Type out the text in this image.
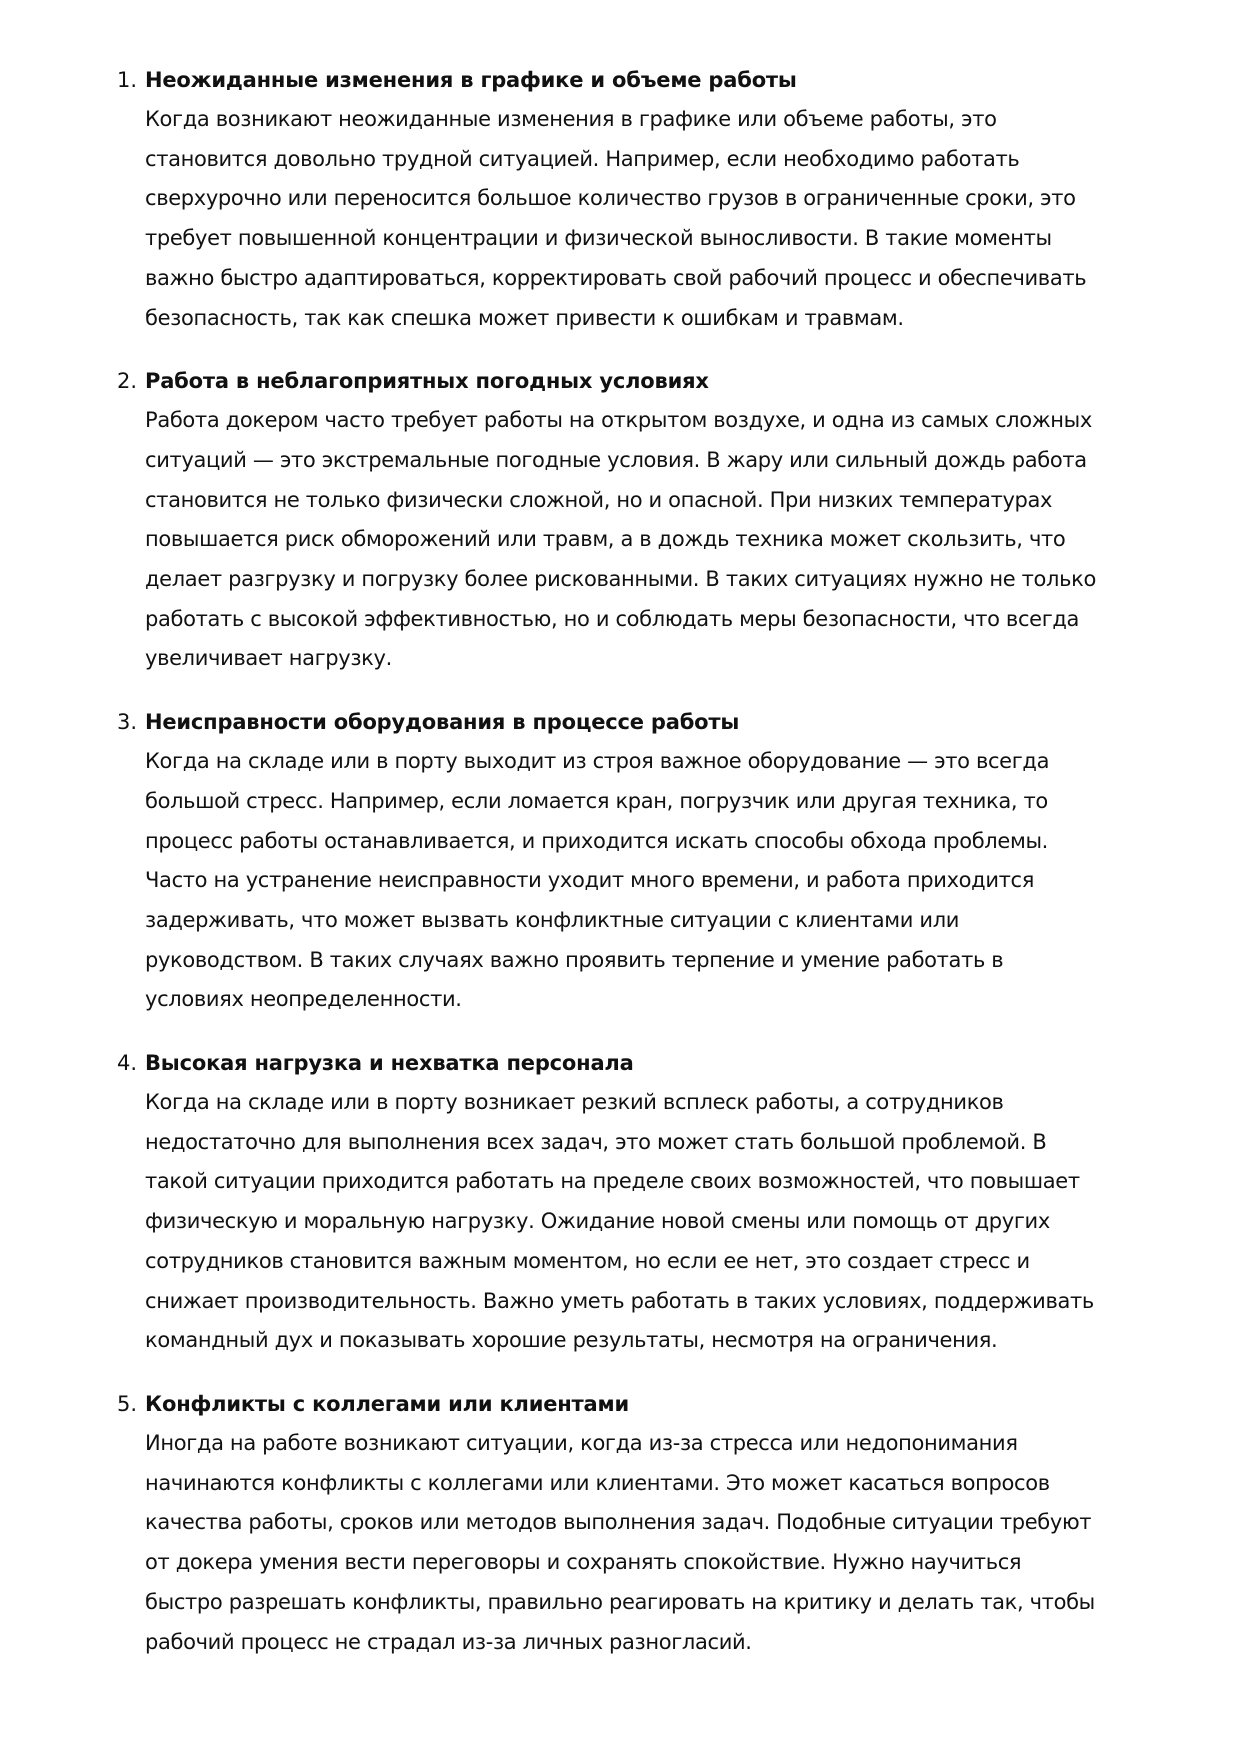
1. Неожиданные изменения в графике и объеме работы
Когда возникают неожиданные изменения в графике или объеме работы, это
становится довольно трудной ситуацией. Например, если необходимо работать
сверхурочно или переносится большое количество грузов в ограниченные сроки, это
требует повышенной концентрации и физической выносливости. В такие моменты
важно быстро адаптироваться, корректировать свой рабочий процесс и обеспечивать
безопасность, так как спешка может привести к ошибкам и травмам.
2. Работа в неблагоприятных погодных условиях
Работа докером часто требует работы на открытом воздухе, и одна из самых сложных
ситуаций — это экстремальные погодные условия. В жару или сильный дождь работа
становится не только физически сложной, но и опасной. При низких температурах
повышается риск обморожений или травм, а в дождь техника может скользить, что
делает разгрузку и погрузку более рискованными. В таких ситуациях нужно не только
работать с высокой эффективностью, но и соблюдать меры безопасности, что всегда
увеличивает нагрузку.
3. Неисправности оборудования в процессе работы
Когда на складе или в порту выходит из строя важное оборудование — это всегда
большой стресс. Например, если ломается кран, погрузчик или другая техника, то
процесс работы останавливается, и приходится искать способы обхода проблемы.
Часто на устранение неисправности уходит много времени, и работа приходится
задерживать, что может вызвать конфликтные ситуации с клиентами или
руководством. В таких случаях важно проявить терпение и умение работать в
условиях неопределенности.
4. Высокая нагрузка и нехватка персонала
Когда на складе или в порту возникает резкий всплеск работы, а сотрудников
недостаточно для выполнения всех задач, это может стать большой проблемой. В
такой ситуации приходится работать на пределе своих возможностей, что повышает
физическую и моральную нагрузку. Ожидание новой смены или помощь от других
сотрудников становится важным моментом, но если ее нет, это создает стресс и
снижает производительность. Важно уметь работать в таких условиях, поддерживать
командный дух и показывать хорошие результаты, несмотря на ограничения.
5. Конфликты с коллегами или клиентами
Иногда на работе возникают ситуации, когда из-за стресса или недопонимания
начинаются конфликты с коллегами или клиентами. Это может касаться вопросов
качества работы, сроков или методов выполнения задач. Подобные ситуации требуют
от докера умения вести переговоры и сохранять спокойствие. Нужно научиться
быстро разрешать конфликты, правильно реагировать на критику и делать так, чтобы
рабочий процесс не страдал из-за личных разногласий.
